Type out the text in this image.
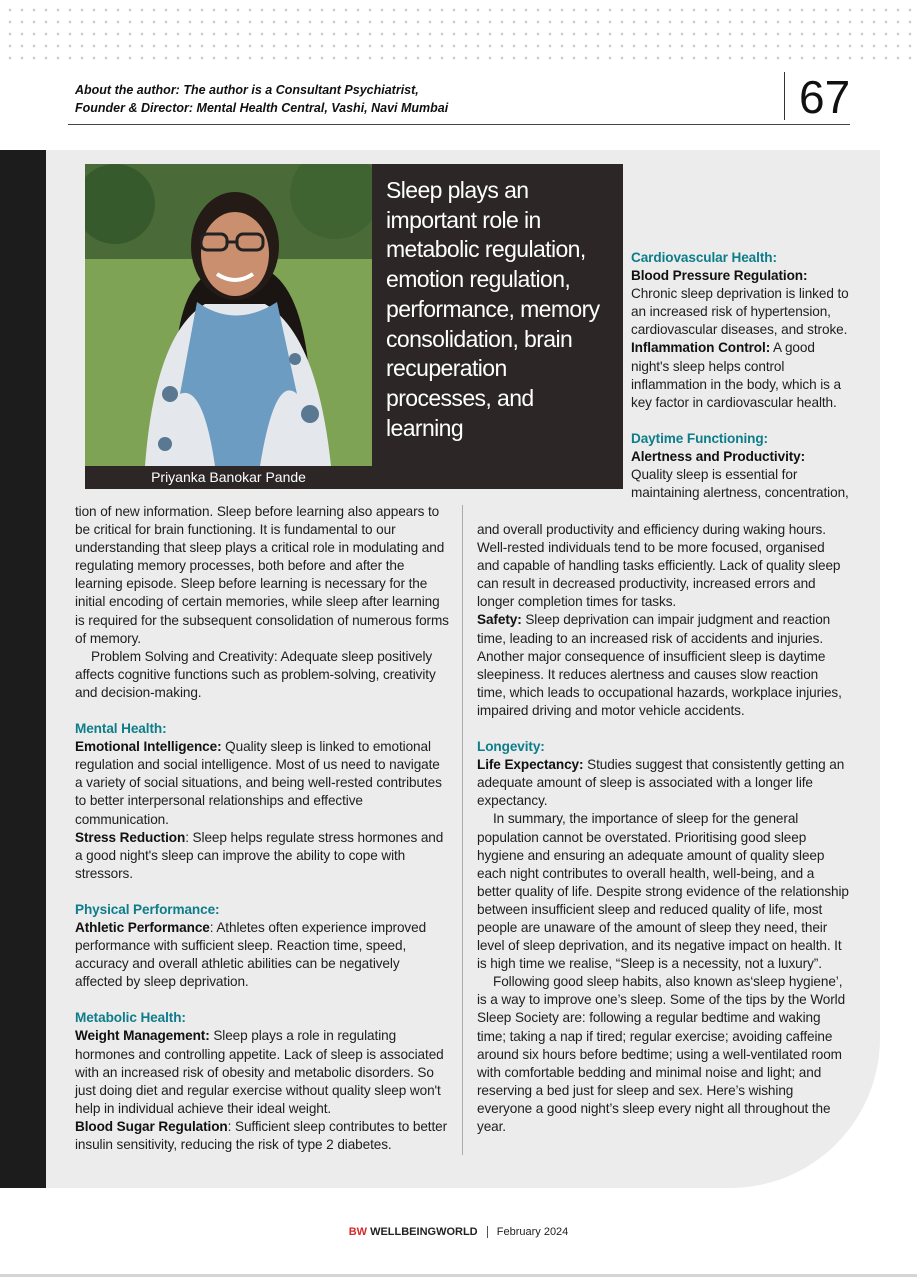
About the author: The author is a Consultant Psychiatrist,
Founder & Director: Mental Health Central, Vashi, Navi Mumbai	67
Priyanka Banokar Pande
Sleep plays an important role in metabolic regulation, emotion regulation, performance, memory consolidation, brain recuperation processes, and learning

Cardiovascular Health:

Blood Pressure Regulation: Chronic sleep deprivation is linked to an increased risk of hypertension, cardiovascular diseases, and stroke.

Inflammation Control: A good night's sleep helps control inflammation in the body, which is a key factor in cardiovascular health.

Daytime Functioning:

Alertness and Productivity: Quality sleep is essential for maintaining alertness, concentration,

tion of new information. Sleep before learning also appears to be critical for brain functioning. It is fundamental to our understanding that sleep plays a critical role in modulating and regulating memory processes, both before and after the learning episode. Sleep before learning is necessary for the initial encoding of certain memories, while sleep after learning is required for the subsequent consolidation of numerous forms of memory.

Problem Solving and Creativity: Adequate sleep positively affects cognitive functions such as problem-solving, creativity and decision-making.

Mental Health:

Emotional Intelligence: Quality sleep is linked to emotional regulation and social intelligence. Most of us need to navigate a variety of social situations, and being well-rested contributes to better interpersonal relationships and effective communication.

Stress Reduction: Sleep helps regulate stress hormones and a good night's sleep can improve the ability to cope with stressors.

Physical Performance:

Athletic Performance: Athletes often experience improved performance with sufficient sleep. Reaction time, speed, accuracy and overall athletic abilities can be negatively affected by sleep deprivation.

Metabolic Health:

Weight Management: Sleep plays a role in regulating hormones and controlling appetite. Lack of sleep is associated with an increased risk of obesity and metabolic disorders. So just doing diet and regular exercise without quality sleep won't help in individual achieve their ideal weight.

Blood Sugar Regulation: Sufficient sleep contributes to better insulin sensitivity, reducing the risk of type 2 diabetes.

and overall productivity and efficiency during waking hours. Well-rested individuals tend to be more focused, organised and capable of handling tasks efficiently. Lack of quality sleep can result in decreased productivity, increased errors and longer completion times for tasks.

Safety: Sleep deprivation can impair judgment and reaction time, leading to an increased risk of accidents and injuries. Another major consequence of insufficient sleep is daytime sleepiness. It reduces alertness and causes slow reaction time, which leads to occupational hazards, workplace injuries, impaired driving and motor vehicle accidents.

Longevity:

Life Expectancy: Studies suggest that consistently getting an adequate amount of sleep is associated with a longer life expectancy.

In summary, the importance of sleep for the general population cannot be overstated. Prioritising good sleep hygiene and ensuring an adequate amount of quality sleep each night contributes to overall health, well-being, and a better quality of life. Despite strong evidence of the relationship between insufficient sleep and reduced quality of life, most people are unaware of the amount of sleep they need, their level of sleep deprivation, and its negative impact on health. It is high time we realise, “Sleep is a necessity, not a luxury”.

Following good sleep habits, also known as‘sleep hygiene’, is a way to improve one’s sleep. Some of the tips by the World Sleep Society are: following a regular bedtime and waking time; taking a nap if tired; regular exercise; avoiding caffeine around six hours before bedtime; using a well-ventilated room with comfortable bedding and minimal noise and light; and reserving a bed just for sleep and sex. Here’s wishing everyone a good night’s sleep every night all throughout the year.

BW WELLBEINGWORLD February 2024
